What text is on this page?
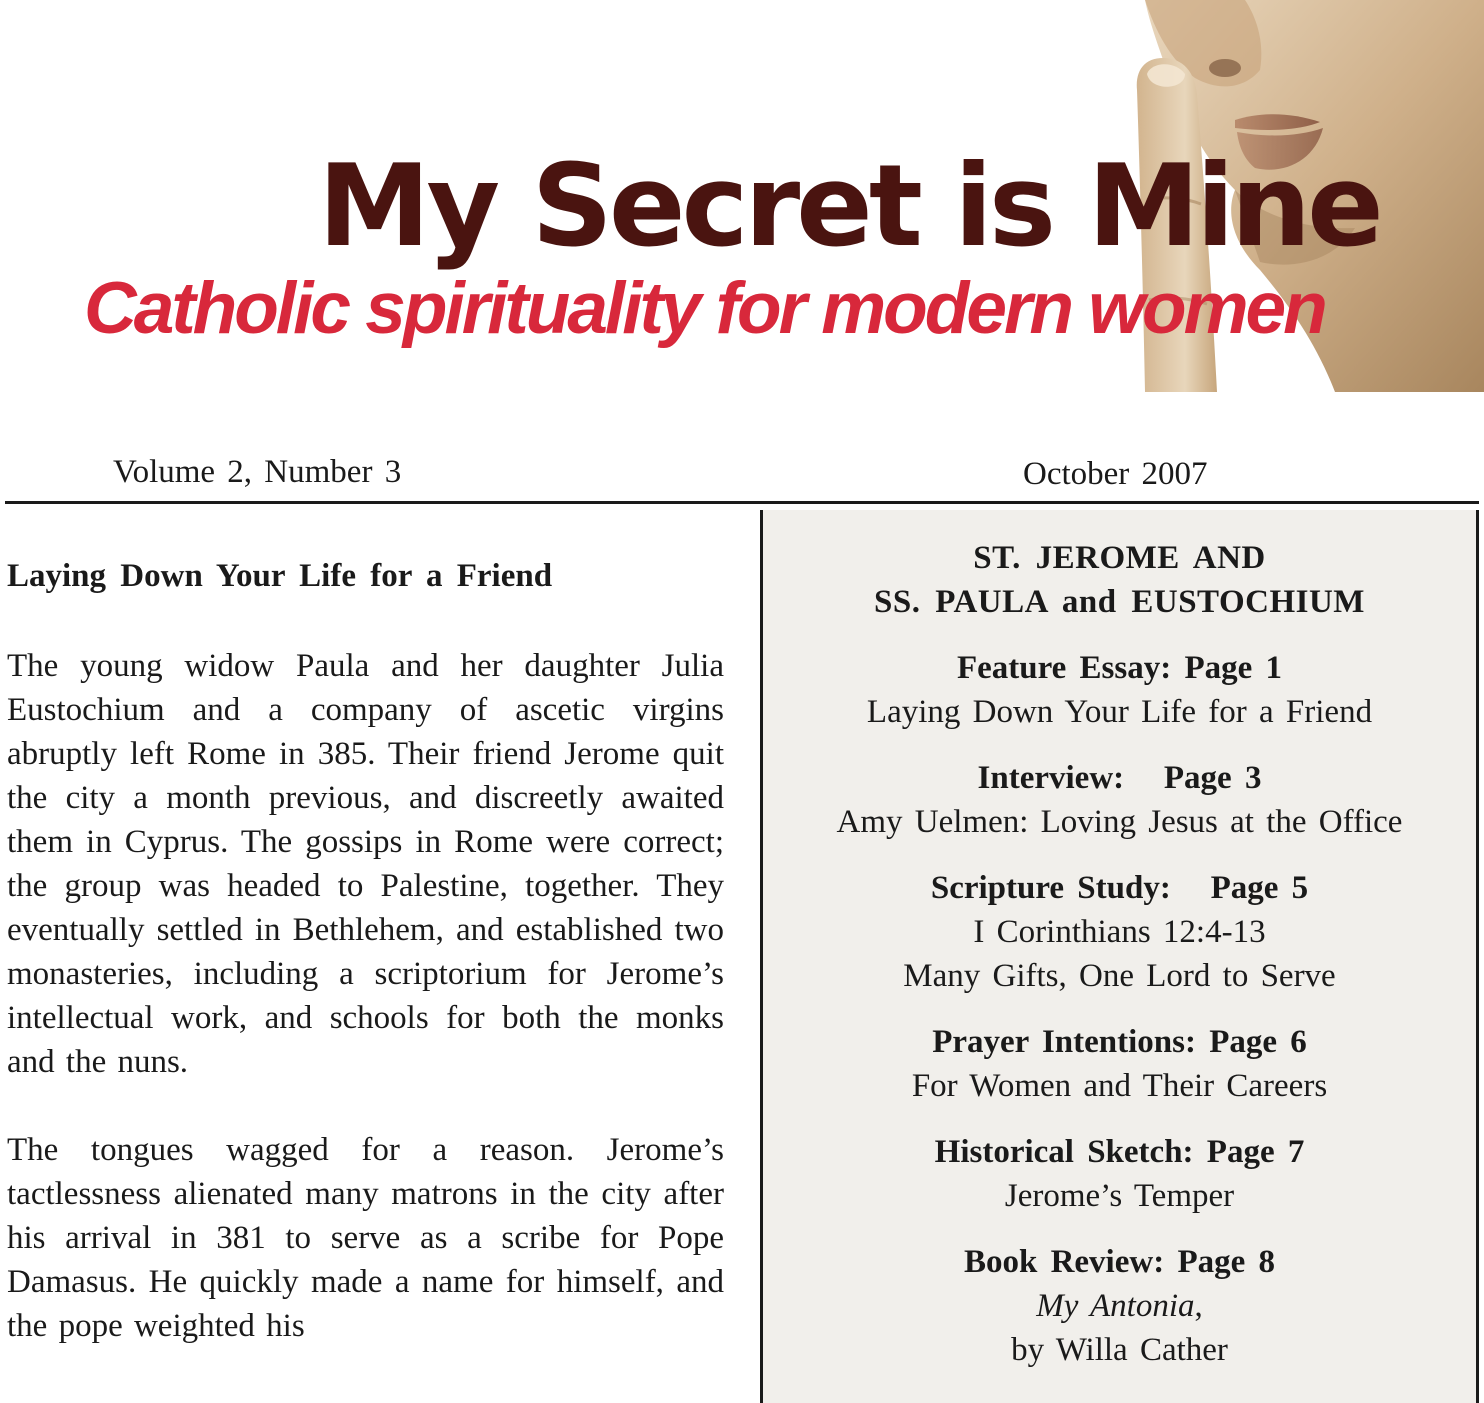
My Secret is Mine
Catholic spirituality for modern women
Volume 2, Number 3	October 2007
Laying Down Your Life for a Friend

The young widow Paula and her daughter Julia Eustochium and a company of ascetic virgins abruptly left Rome in 385. Their friend Jerome quit the city a month previous, and discreetly awaited them in Cyprus. The gossips in Rome were correct; the group was headed to Palestine, together. They eventually settled in Bethlehem, and established two monasteries, including a scriptorium for Jerome’s intellectual work, and schools for both the monks and the nuns.

The tongues wagged for a reason. Jerome’s tactlessness alienated many matrons in the city after his arrival in 381 to serve as a scribe for Pope Damasus. He quickly made a name for himself, and the pope weighted his

ST. JEROME AND
SS. PAULA and EUSTOCHIUM
Feature Essay: Page 1
Laying Down Your Life for a Friend
Interview:   Page 3
Amy Uelmen: Loving Jesus at the Office
Scripture Study:   Page 5
I Corinthians 12:4-13
Many Gifts, One Lord to Serve
Prayer Intentions: Page 6
For Women and Their Careers
Historical Sketch: Page 7
Jerome’s Temper
Book Review: Page 8
My Antonia,
by Willa Cather
